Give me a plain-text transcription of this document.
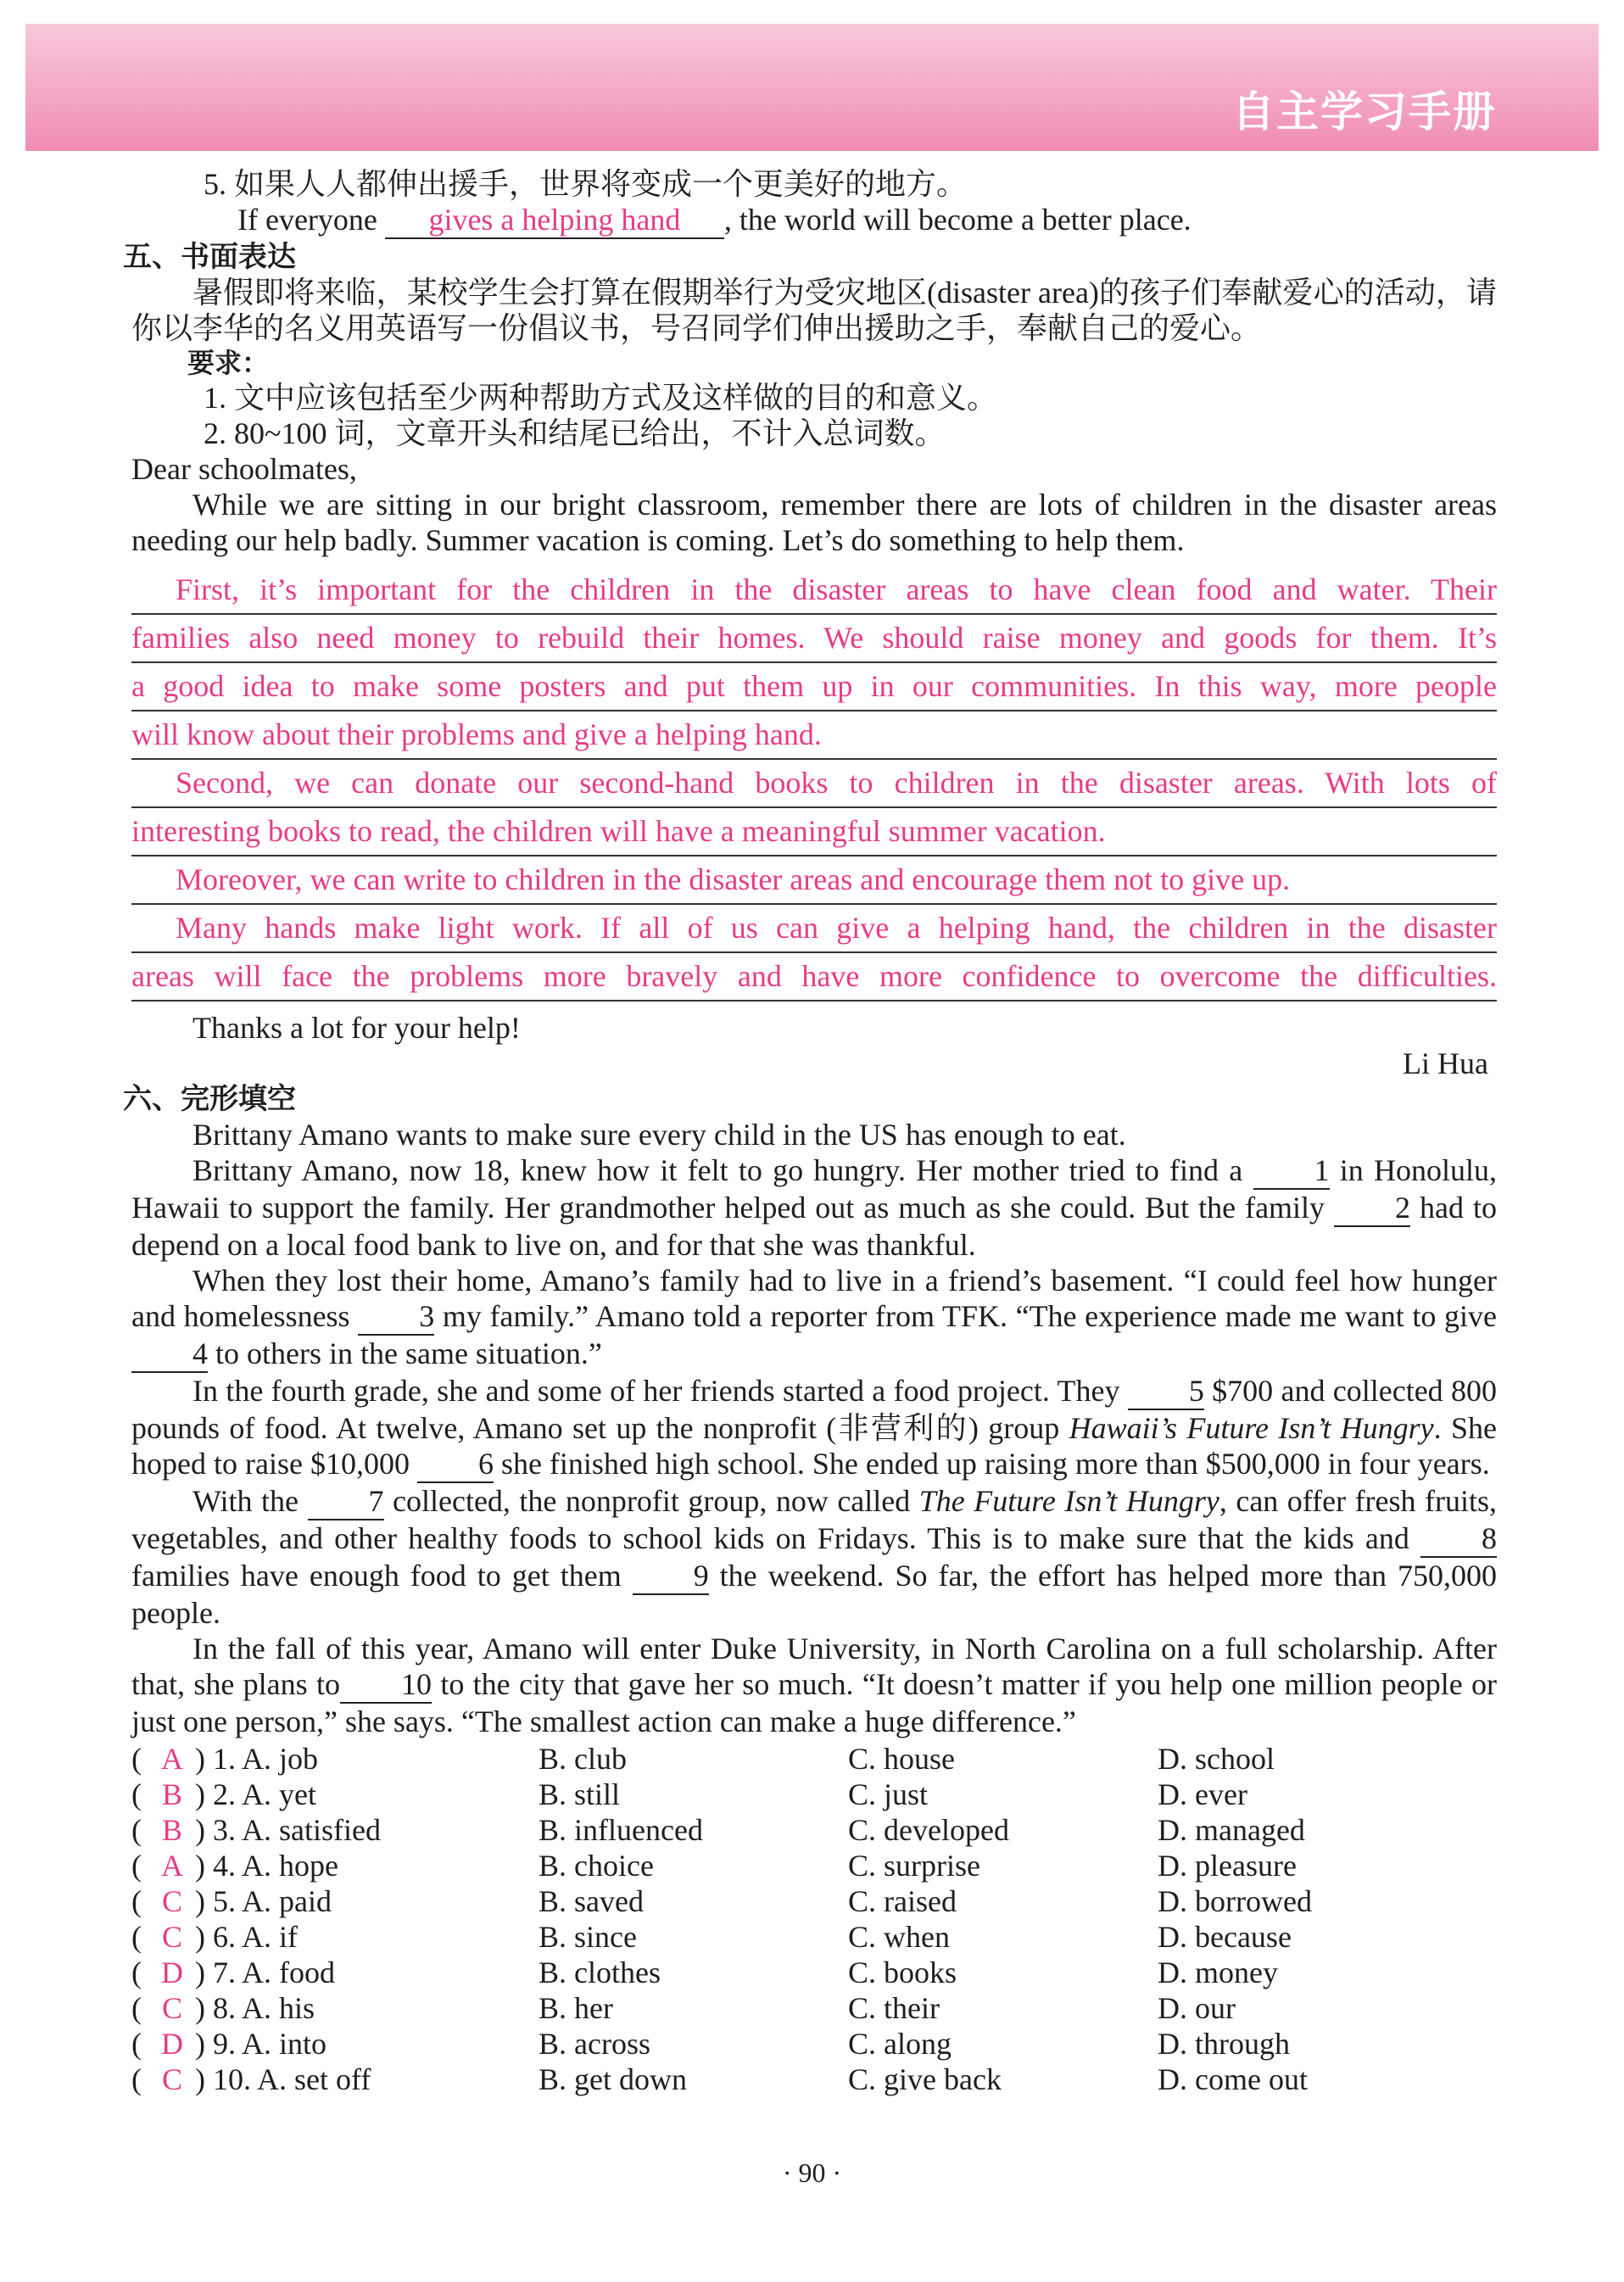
自主学习手册

5. 如果人人都伸出援手，世界将变成一个更美好的地方。

If everyone gives a helping hand , the world will become a better place.

五、书面表达

暑假即将来临，某校学生会打算在假期举行为受灾地区(disaster area)的孩子们奉献爱心的活动，请你以李华的名义用英语写一份倡议书，号召同学们伸出援助之手，奉献自己的爱心。

要求：

1. 文中应该包括至少两种帮助方式及这样做的目的和意义。

2. 80~100 词，文章开头和结尾已给出，不计入总词数。

Dear schoolmates,

While we are sitting in our bright classroom, remember there are lots of children in the disaster areas needing our help badly. Summer vacation is coming. Let’s do something to help them.

First, it’s important for the children in the disaster areas to have clean food and water. Their
families also need money to rebuild their homes. We should raise money and goods for them. It’s
a good idea to make some posters and put them up in our communities. In this way, more people
will know about their problems and give a helping hand.
Second, we can donate our second-hand books to children in the disaster areas. With lots of
interesting books to read, the children will have a meaningful summer vacation.
Moreover, we can write to children in the disaster areas and encourage them not to give up.
Many hands make light work. If all of us can give a helping hand, the children in the disaster
areas will face the problems more bravely and have more confidence to overcome the difficulties.

Thanks a lot for your help!

Li Hua
六、完形填空

Brittany Amano wants to make sure every child in the US has enough to eat.

Brittany Amano, now 18, knew how it felt to go hungry. Her mother tried to find a 1 in Honolulu, Hawaii to support the family. Her grandmother helped out as much as she could. But the family 2 had to depend on a local food bank to live on, and for that she was thankful.

When they lost their home, Amano’s family had to live in a friend’s basement. “I could feel how hunger and homelessness 3 my family.” Amano told a reporter from TFK. “The experience made me want to give 4 to others in the same situation.”

In the fourth grade, she and some of her friends started a food project. They 5 $700 and collected 800 pounds of food. At twelve, Amano set up the nonprofit (非营利的) group Hawaii’s Future Isn’t Hungry. She hoped to raise $10,000 6 she finished high school. She ended up raising more than $500,000 in four years.

With the 7 collected, the nonprofit group, now called The Future Isn’t Hungry, can offer fresh fruits, vegetables, and other healthy foods to school kids on Fridays. This is to make sure that the kids and 8 families have enough food to get them 9 the weekend. So far, the effort has helped more than 750,000 people.

In the fall of this year, Amano will enter Duke University, in North Carolina on a full scholarship. After that, she plans to 10 to the city that gave her so much. “It doesn’t matter if you help one million people or just one person,” she says. “The smallest action can make a huge difference.”

( A ) 1. A. job	B. club	C. house	D. school
( B ) 2. A. yet	B. still	C. just	D. ever
( B ) 3. A. satisfied	B. influenced	C. developed	D. managed
( A ) 4. A. hope	B. choice	C. surprise	D. pleasure
( C ) 5. A. paid	B. saved	C. raised	D. borrowed
( C ) 6. A. if	B. since	C. when	D. because
( D ) 7. A. food	B. clothes	C. books	D. money
( C ) 8. A. his	B. her	C. their	D. our
( D ) 9. A. into	B. across	C. along	D. through
( C ) 10. A. set off	B. get down	C. give back	D. come out
· 90 ·
